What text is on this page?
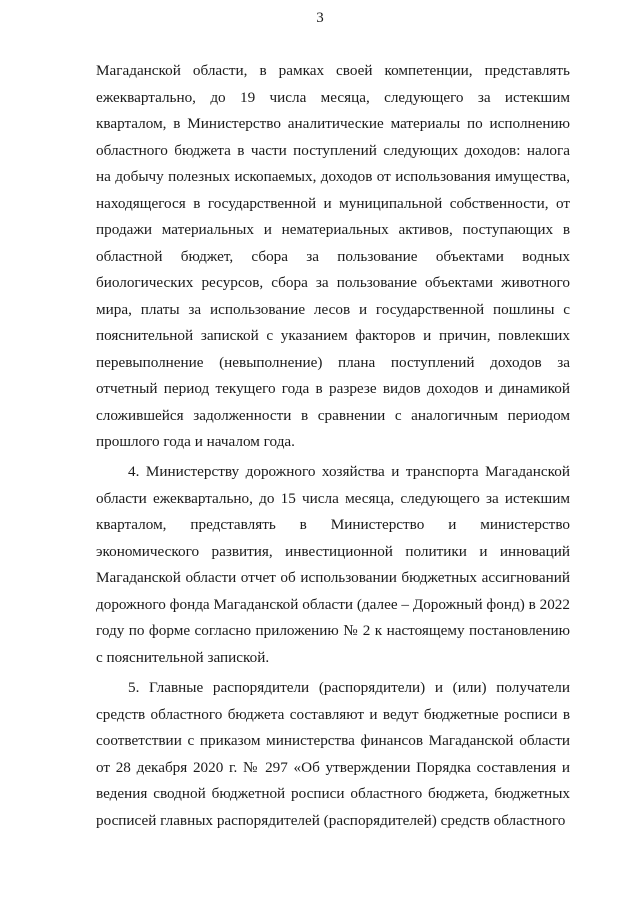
3

Магаданской области, в рамках своей компетенции, представлять ежеквартально, до 19 числа месяца, следующего за истекшим кварталом, в Министерство аналитические материалы по исполнению областного бюджета в части поступлений следующих доходов: налога на добычу полезных ископаемых, доходов от использования имущества, находящегося в государственной и муниципальной собственности, от продажи материальных и нематериальных активов, поступающих в областной бюджет, сбора за пользование объектами водных биологических ресурсов, сбора за пользование объектами животного мира, платы за использование лесов и государственной пошлины с пояснительной запиской с указанием факторов и причин, повлекших перевыполнение (невыполнение) плана поступлений доходов за отчетный период текущего года в разрезе видов доходов и динамикой сложившейся задолженности в сравнении с аналогичным периодом прошлого года и началом года.

4. Министерству дорожного хозяйства и транспорта Магаданской области ежеквартально, до 15 числа месяца, следующего за истекшим кварталом, представлять в Министерство и министерство экономического развития, инвестиционной политики и инноваций Магаданской области отчет об использовании бюджетных ассигнований дорожного фонда Магаданской области (далее – Дорожный фонд) в 2022 году по форме согласно приложению № 2 к настоящему постановлению с пояснительной запиской.

5. Главные распорядители (распорядители) и (или) получатели средств областного бюджета составляют и ведут бюджетные росписи в соответствии с приказом министерства финансов Магаданской области от 28 декабря 2020 г. № 297 «Об утверждении Порядка составления и ведения сводной бюджетной росписи областного бюджета, бюджетных росписей главных распорядителей (распорядителей) средств областного
